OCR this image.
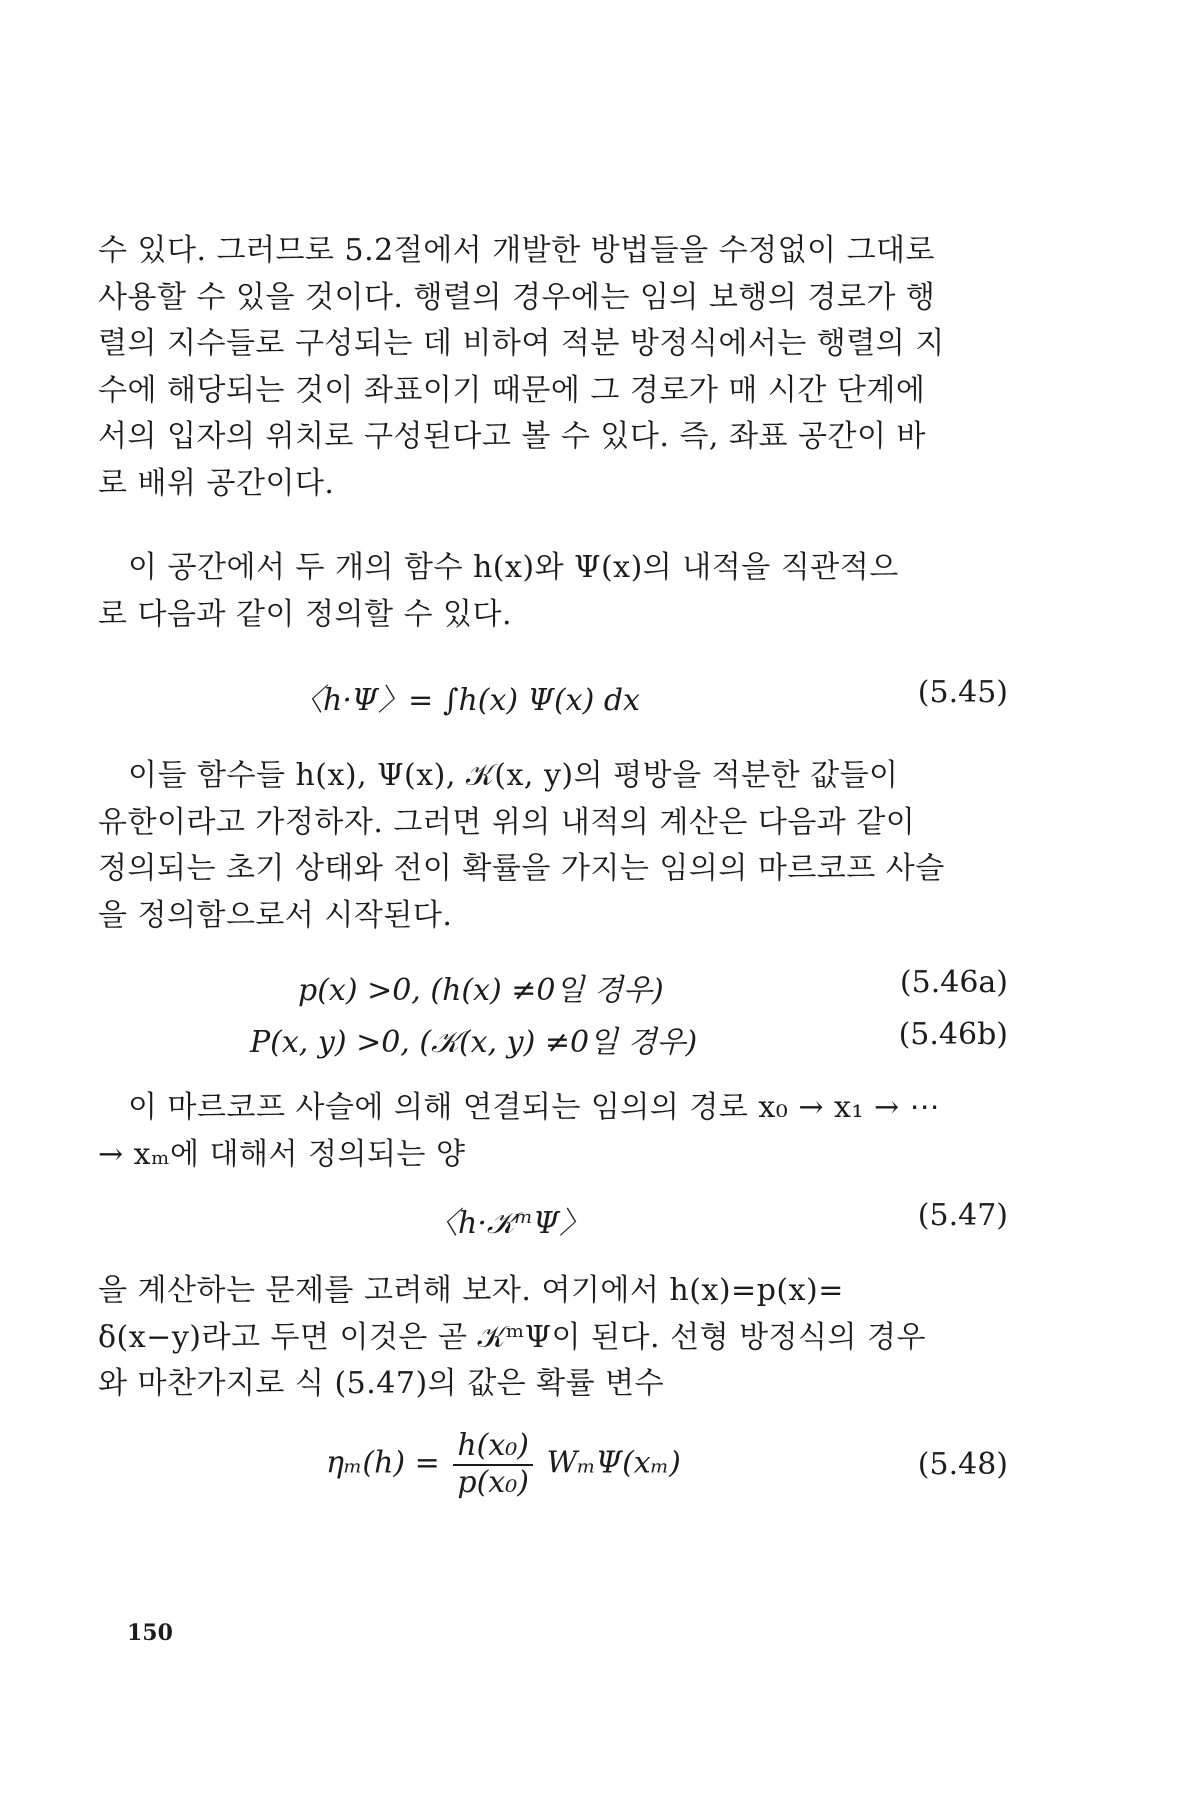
수 있다. 그러므로 5.2절에서 개발한 방법들을 수정없이 그대로
사용할 수 있을 것이다. 행렬의 경우에는 임의 보행의 경로가 행
렬의 지수들로 구성되는 데 비하여 적분 방정식에서는 행렬의 지
수에 해당되는 것이 좌표이기 때문에 그 경로가 매 시간 단계에
서의 입자의 위치로 구성된다고 볼 수 있다. 즉, 좌표 공간이 바
로 배위 공간이다.
이 공간에서 두 개의 함수 h(x)와 Ψ(x)의 내적을 직관적으
로 다음과 같이 정의할 수 있다.
〈h·Ψ〉= ∫h(x) Ψ(x) dx	(5.45)
이들 함수들 h(x), Ψ(x), 𝒦(x, y)의 평방을 적분한 값들이
유한이라고 가정하자. 그러면 위의 내적의 계산은 다음과 같이
정의되는 초기 상태와 전이 확률을 가지는 임의의 마르코프 사슬
을 정의함으로서 시작된다.
p(x) >0, (h(x) ≠0일 경우)	(5.46a)
P(x, y) >0, (𝒦(x, y) ≠0일 경우)	(5.46b)
이 마르코프 사슬에 의해 연결되는 임의의 경로 x₀ → x₁ → ⋯
→ xₘ에 대해서 정의되는 양
〈h·𝒦ᵐΨ〉	(5.47)
을 계산하는 문제를 고려해 보자. 여기에서 h(x)=p(x)=
δ(x−y)라고 두면 이것은 곧 𝒦ᵐΨ이 된다. 선형 방정식의 경우
와 마찬가지로 식 (5.47)의 값은 확률 변수
$\eta_m(h) = \frac{\text{h(x₀)}}{\text{p(x₀)}} W_m\Psi(x_m)$	(5.48)
150
